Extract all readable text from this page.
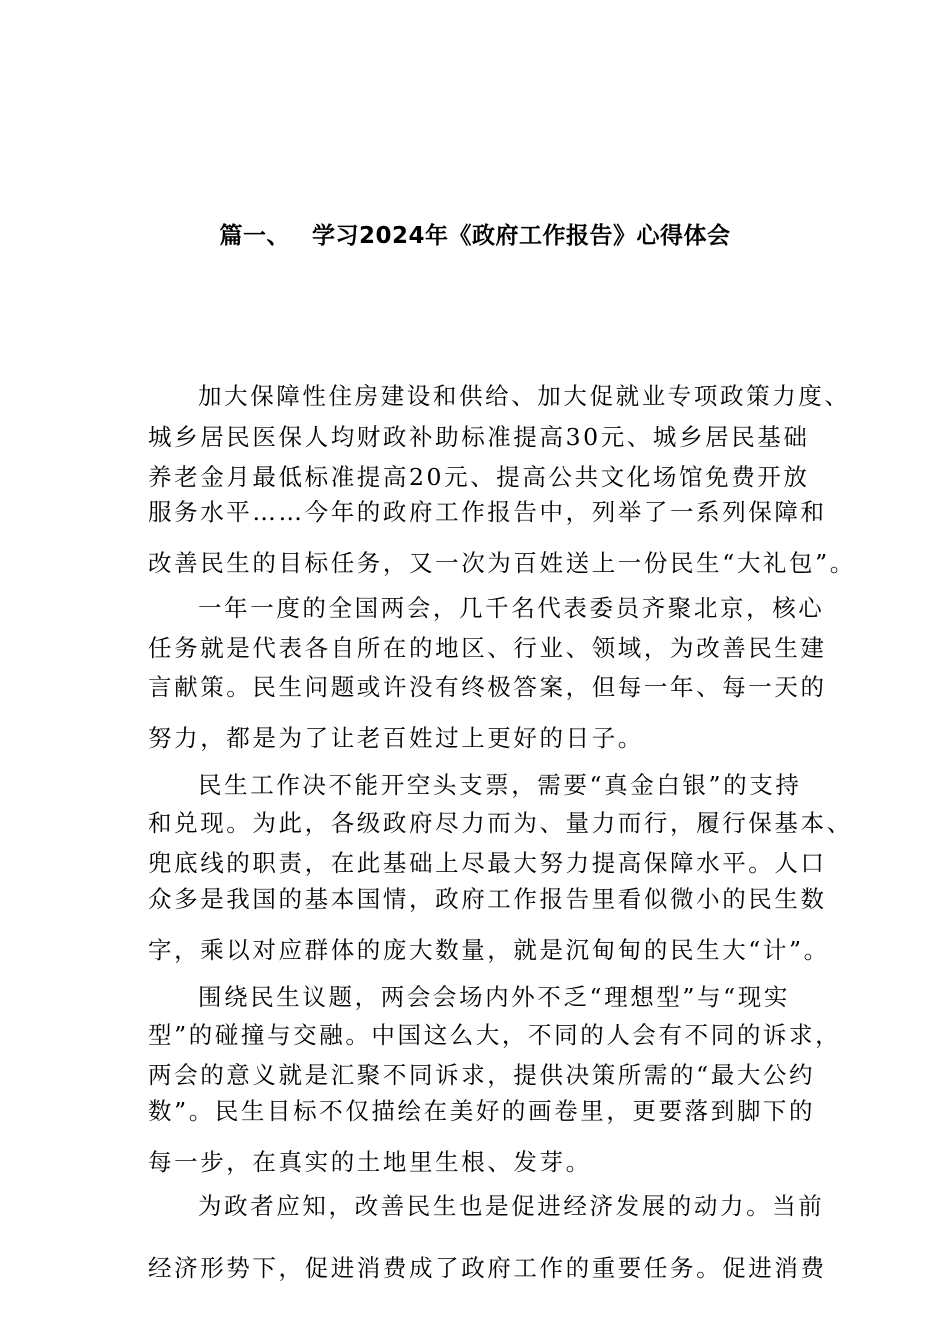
篇一、 学习2024年《政府工作报告》心得体会
加大保障性住房建设和供给、加大促就业专项政策力度、
城乡居民医保人均财政补助标准提高30元、城乡居民基础
养老金月最低标准提高20元、提高公共文化场馆免费开放
服务水平……今年的政府工作报告中，列举了一系列保障和
改善民生的目标任务，又一次为百姓送上一份民生“大礼包”。
一年一度的全国两会，几千名代表委员齐聚北京，核心
任务就是代表各自所在的地区、行业、领域，为改善民生建
言献策。民生问题或许没有终极答案，但每一年、每一天的
努力，都是为了让老百姓过上更好的日子。
民生工作决不能开空头支票，需要“真金白银”的支持
和兑现。为此，各级政府尽力而为、量力而行，履行保基本、
兜底线的职责，在此基础上尽最大努力提高保障水平。人口
众多是我国的基本国情，政府工作报告里看似微小的民生数
字，乘以对应群体的庞大数量，就是沉甸甸的民生大“计”。
围绕民生议题，两会会场内外不乏“理想型”与“现实
型”的碰撞与交融。中国这么大，不同的人会有不同的诉求，
两会的意义就是汇聚不同诉求，提供决策所需的“最大公约
数”。民生目标不仅描绘在美好的画卷里，更要落到脚下的
每一步，在真实的土地里生根、发芽。
为政者应知，改善民生也是促进经济发展的动力。当前
经济形势下，促进消费成了政府工作的重要任务。促进消费
